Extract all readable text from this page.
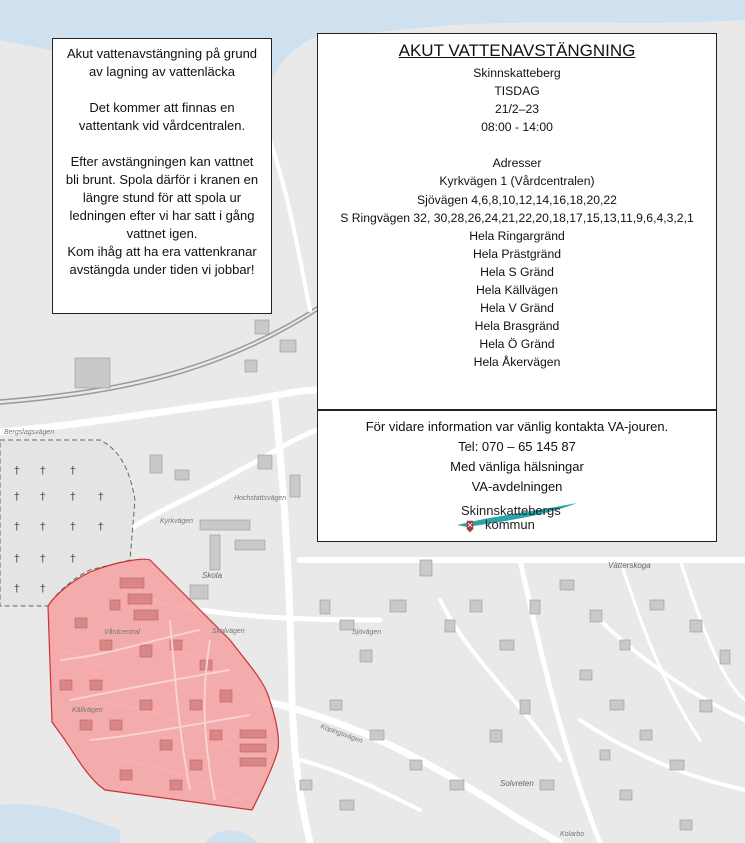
† † †
† † † †
† † † †
† † †
† †
Vårdcentral
Skola
Vätterskoga
Solvreten
Kolarbo
Sjövägen
Skolvägen
Kyrkvägen
Bergslagsvägen
Köpingsvägen
Källvägen
Hochstattsvägen

Akut vattenavstängning på grund av lagning av vattenläcka

Det kommer att finnas en vattentank vid vårdcentralen.

Efter avstängningen kan vattnet bli brunt. Spola därför i kranen en längre stund för att spola ur ledningen efter vi har satt i gång vattnet igen.

Kom ihåg att ha era vattenkranar avstängda under tiden vi jobbar!

AKUT VATTENAVSTÄNGNING
Skinnskatteberg
TISDAG
21/2–23
08:00 - 14:00
Adresser
Kyrkvägen 1 (Vårdcentralen)
Sjövägen 4,6,8,10,12,14,16,18,20,22
S Ringvägen 32, 30,28,26,24,21,22,20,18,17,15,13,11,9,6,4,3,2,1
Hela Ringargränd
Hela Prästgränd
Hela S Gränd
Hela Källvägen
Hela V Gränd
Hela Brasgränd
Hela Ö Gränd
Hela Åkervägen
För vidare information var vänlig kontakta VA-jouren.
Tel: 070 – 65 145 87
Med vänliga hälsningar
VA-avdelningen
Skinnskattebergs
kommun
